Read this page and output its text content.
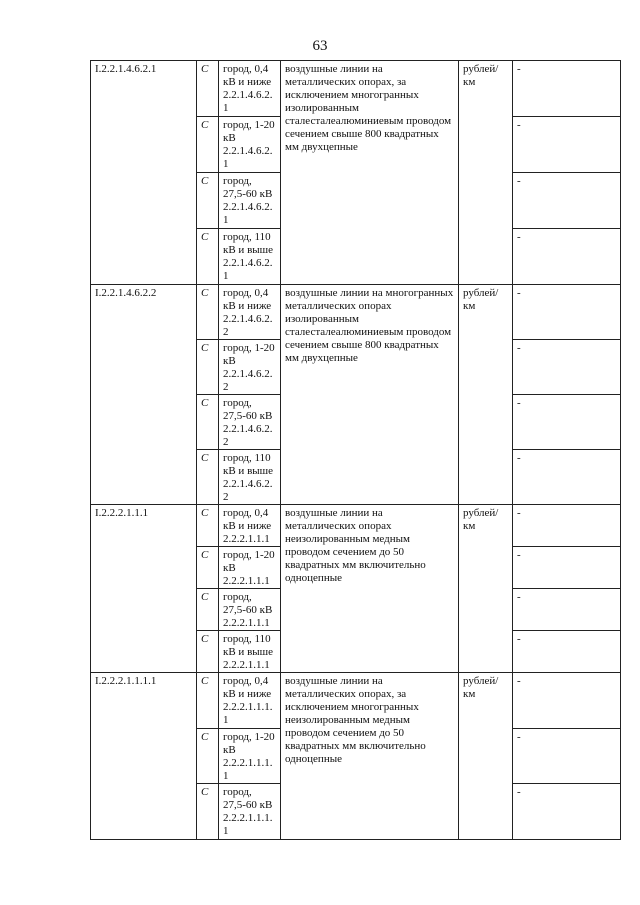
63
I.2.2.1.4.6.2.1	С	город, 0,4 кВ и ниже 2.2.1.4.6.2. 1	воздушные линии на металлических опорах, за исключением многогранных изолированным сталесталеалюминиевым проводом сечением свыше 800 квадратных мм двухцепные	рублей/ км	-
	С	город, 1-20 кВ 2.2.1.4.6.2. 1			-
	С	город, 27,5-60 кВ 2.2.1.4.6.2. 1			-
	С	город, 110 кВ и выше 2.2.1.4.6.2. 1			-
I.2.2.1.4.6.2.2	С	город, 0,4 кВ и ниже 2.2.1.4.6.2. 2	воздушные линии на многогранных металлических опорах изолированным сталесталеалюминиевым проводом сечением свыше 800 квадратных мм двухцепные	рублей/ км	-
	С	город, 1-20 кВ 2.2.1.4.6.2. 2			-
	С	город, 27,5-60 кВ 2.2.1.4.6.2. 2			-
	С	город, 110 кВ и выше 2.2.1.4.6.2. 2			-
I.2.2.2.1.1.1	С	город, 0,4 кВ и ниже 2.2.2.1.1.1	воздушные линии на металлических опорах неизолированным медным проводом сечением до 50 квадратных мм включительно одноцепные	рублей/ км	-
	С	город, 1-20 кВ 2.2.2.1.1.1			-
	С	город, 27,5-60 кВ 2.2.2.1.1.1			-
	С	город, 110 кВ и выше 2.2.2.1.1.1			-
I.2.2.2.1.1.1.1	С	город, 0,4 кВ и ниже 2.2.2.1.1.1. 1	воздушные линии на металлических опорах, за исключением многогранных неизолированным медным проводом сечением до 50 квадратных мм включительно одноцепные	рублей/ км	-
	С	город, 1-20 кВ 2.2.2.1.1.1. 1			-
	С	город, 27,5-60 кВ 2.2.2.1.1.1. 1			-
